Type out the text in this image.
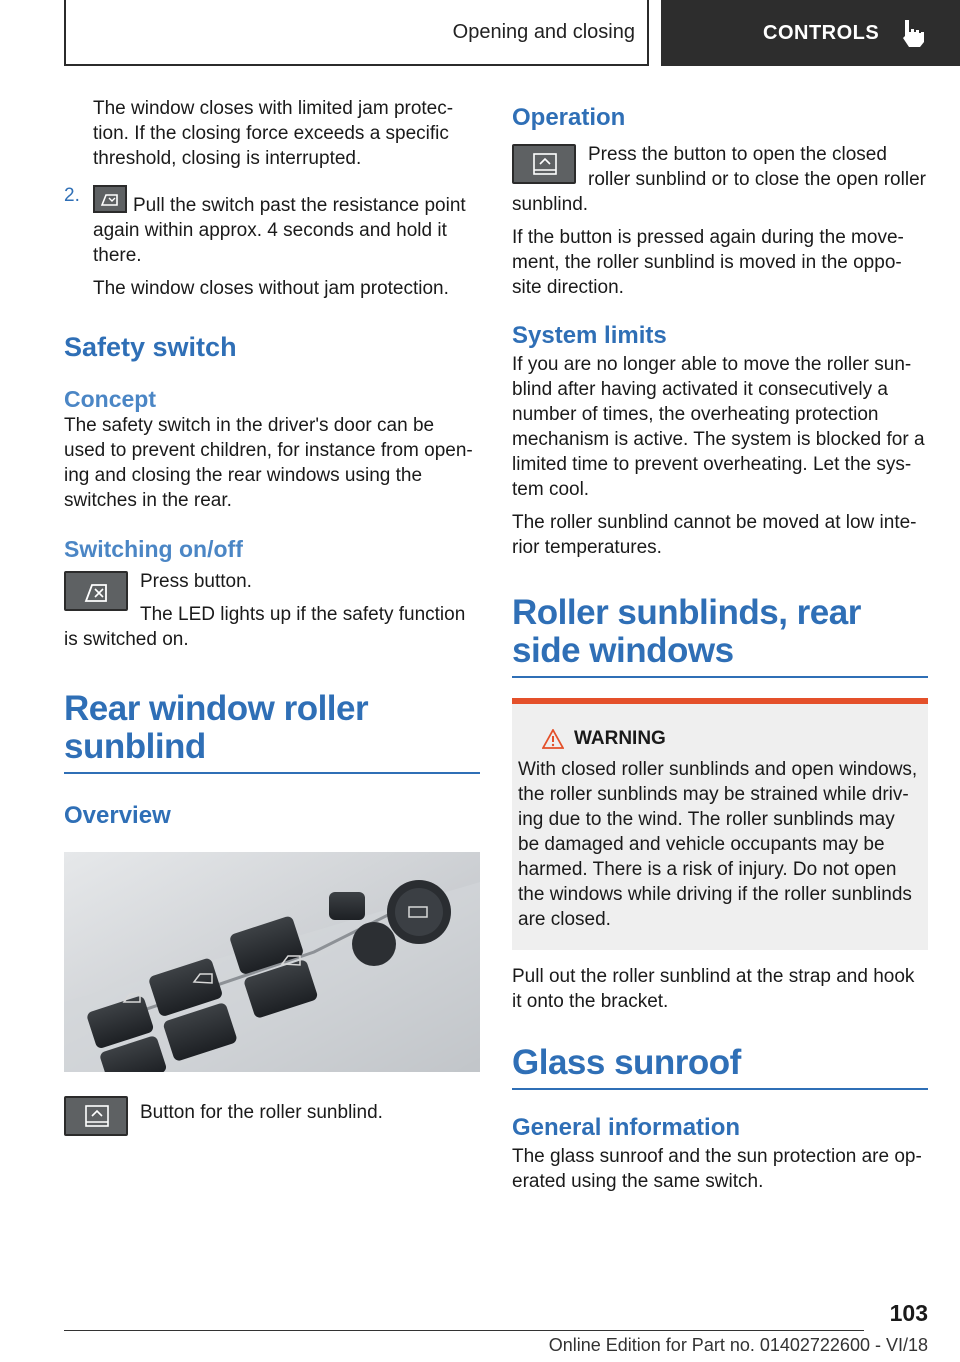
Opening and closing	CONTROLS

The window closes with limited jam protec‐tion. If the closing force exceeds a specific threshold, closing is interrupted.

2.	Pull the switch past the resistance point again within approx. 4 seconds and hold it there.

The window closes without jam protection.

Safety switch
Concept

The safety switch in the driver's door can be used to prevent children, for instance from open‐ing and closing the rear windows using the switches in the rear.

Switching on/off

Press button.

The LED lights up if the safety function is switched on.

Rear window roller sunblind
Overview

Button for the roller sunblind.

Operation

Press the button to open the closed roller sunblind or to close the open roller sunblind.

If the button is pressed again during the move‐ment, the roller sunblind is moved in the oppo‐site direction.

System limits

If you are no longer able to move the roller sun‐blind after having activated it consecutively a number of times, the overheating protection mechanism is active. The system is blocked for a limited time to prevent overheating. Let the sys‐tem cool.

The roller sunblind cannot be moved at low inte‐rior temperatures.

Roller sunblinds, rear side windows
WARNING

With closed roller sunblinds and open windows, the roller sunblinds may be strained while driv‐ing due to the wind. The roller sunblinds may be damaged and vehicle occupants may be harmed. There is a risk of injury. Do not open the windows while driving if the roller sunblinds are closed.

Pull out the roller sunblind at the strap and hook it onto the bracket.

Glass sunroof
General information

The glass sunroof and the sun protection are op‐erated using the same switch.

103
Online Edition for Part no. 01402722600 - VI/18
